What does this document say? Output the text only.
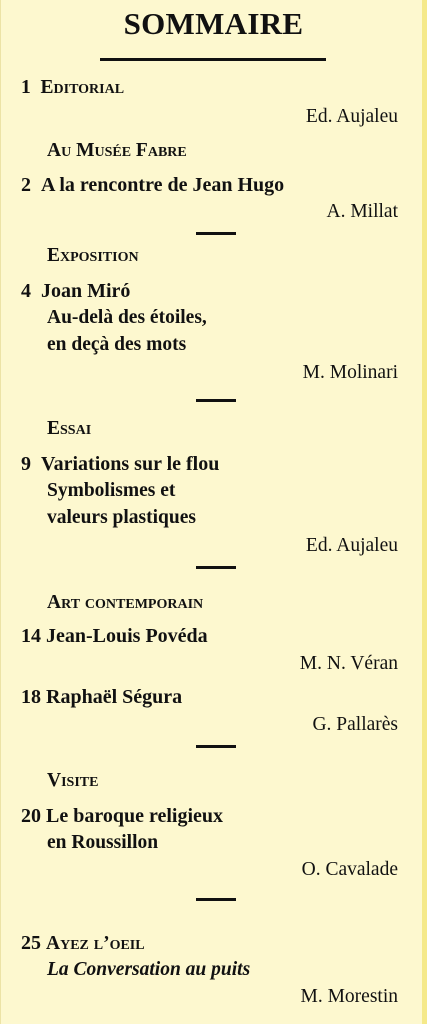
SOMMAIRE
1 Editorial
Ed. Aujaleu
Au Musée Fabre
2 A la rencontre de Jean Hugo
A. Millat
Exposition
4 Joan Miró
Au-delà des étoiles,
en deçà des mots
M. Molinari
Essai
9 Variations sur le flou
Symbolismes et
valeurs plastiques
Ed. Aujaleu
Art contemporain
14 Jean-Louis Povéda
M. N. Véran
18 Raphaël Ségura
G. Pallarès
Visite
20 Le baroque religieux
en Roussillon
O. Cavalade
25 Ayez l’oeil
La Conversation au puits
M. Morestin
